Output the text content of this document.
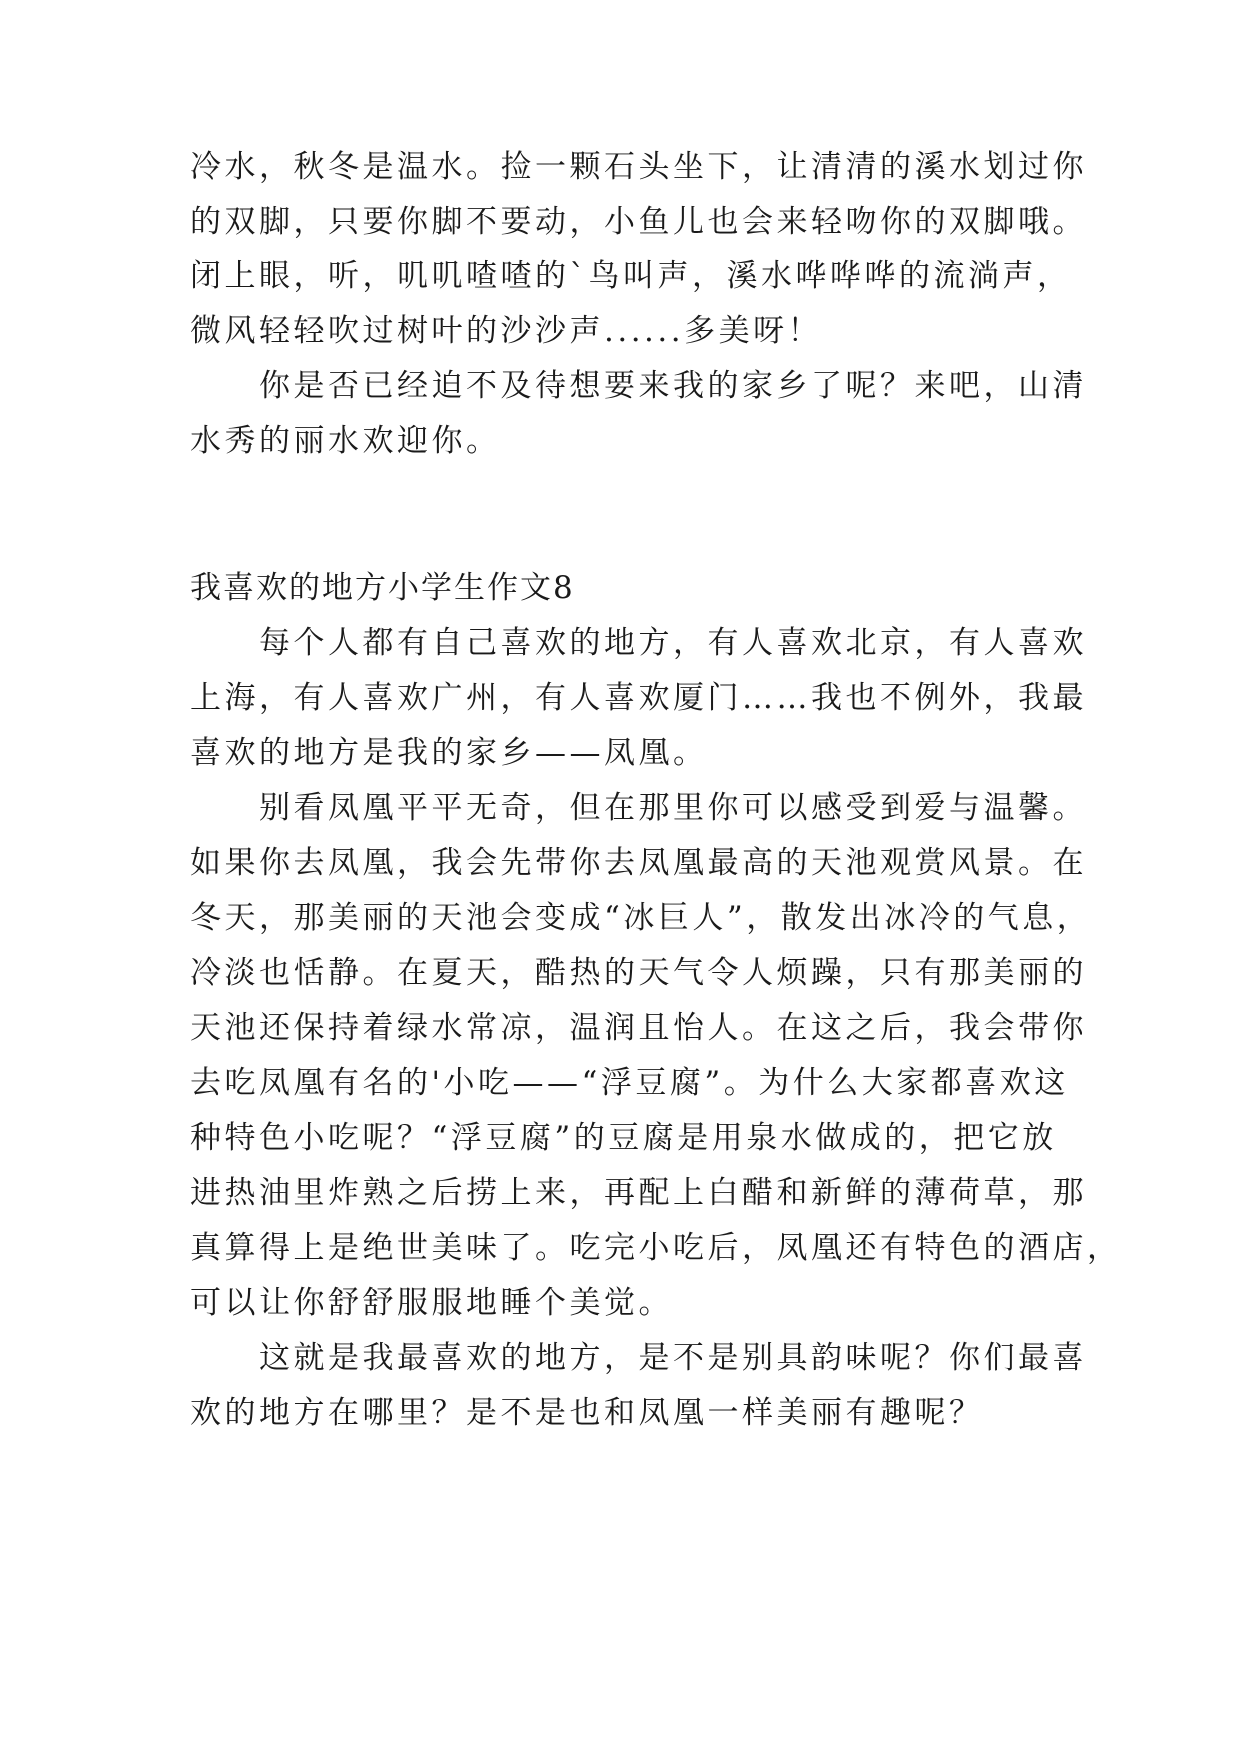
冷水，秋冬是温水。捡一颗石头坐下，让清清的溪水划过你
的双脚，只要你脚不要动，小鱼儿也会来轻吻你的双脚哦。
闭上眼，听，叽叽喳喳的`鸟叫声，溪水哗哗哗的流淌声，
微风轻轻吹过树叶的沙沙声......多美呀！
　　你是否已经迫不及待想要来我的家乡了呢？来吧，山清
水秀的丽水欢迎你。
我喜欢的地方小学生作文8
　　每个人都有自己喜欢的地方，有人喜欢北京，有人喜欢
上海，有人喜欢广州，有人喜欢厦门……我也不例外，我最
喜欢的地方是我的家乡——凤凰。
　　别看凤凰平平无奇，但在那里你可以感受到爱与温馨。
如果你去凤凰，我会先带你去凤凰最高的天池观赏风景。在
冬天，那美丽的天池会变成“冰巨人”，散发出冰冷的气息，
冷淡也恬静。在夏天，酷热的天气令人烦躁，只有那美丽的
天池还保持着绿水常凉，温润且怡人。在这之后，我会带你
去吃凤凰有名的'小吃——“浮豆腐”。为什么大家都喜欢这
种特色小吃呢？“浮豆腐”的豆腐是用泉水做成的，把它放
进热油里炸熟之后捞上来，再配上白醋和新鲜的薄荷草，那
真算得上是绝世美味了。吃完小吃后，凤凰还有特色的酒店，
可以让你舒舒服服地睡个美觉。
　　这就是我最喜欢的地方，是不是别具韵味呢？你们最喜
欢的地方在哪里？是不是也和凤凰一样美丽有趣呢？
